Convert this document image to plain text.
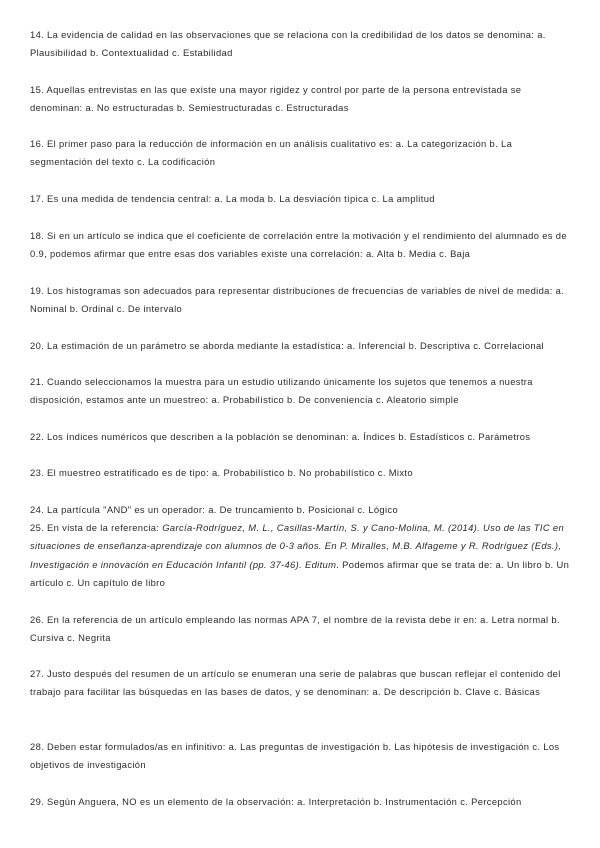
14. La evidencia de calidad en las observaciones que se relaciona con la credibilidad de los datos se denomina: a. Plausibilidad b. Contextualidad c. Estabilidad

15. Aquellas entrevistas en las que existe una mayor rigidez y control por parte de la persona entrevistada se denominan: a. No estructuradas b. Semiestructuradas c. Estructuradas

16. El primer paso para la reducción de información en un análisis cualitativo es: a. La categorización b. La segmentación del texto c. La codificación

17. Es una medida de tendencia central: a. La moda b. La desviación típica c. La amplitud

18. Si en un artículo se indica que el coeficiente de correlación entre la motivación y el rendimiento del alumnado es de 0.9, podemos afirmar que entre esas dos variables existe una correlación: a. Alta b. Media c. Baja

19. Los histogramas son adecuados para representar distribuciones de frecuencias de variables de nivel de medida: a. Nominal b. Ordinal c. De intervalo

20. La estimación de un parámetro se aborda mediante la estadística: a. Inferencial b. Descriptiva c. Correlacional

21. Cuando seleccionamos la muestra para un estudio utilizando únicamente los sujetos que tenemos a nuestra disposición, estamos ante un muestreo: a. Probabilístico b. De conveniencia c. Aleatorio simple

22. Los índices numéricos que describen a la población se denominan: a. Índices b. Estadísticos c. Parámetros

23. El muestreo estratificado es de tipo: a. Probabilístico b. No probabilístico c. Mixto

24. La partícula "AND" es un operador: a. De truncamiento b. Posicional c. Lógico

25. En vista de la referencia: García-Rodríguez, M. L., Casillas-Martín, S. y Cano-Molina, M. (2014). Uso de las TIC en situaciones de enseñanza-aprendizaje con alumnos de 0-3 años. En P. Miralles, M.B. Alfageme y R. Rodríguez (Eds.), Investigación e innovación en Educación Infantil (pp. 37-46). Editum. Podemos afirmar que se trata de: a. Un libro b. Un artículo c. Un capítulo de libro

26. En la referencia de un artículo empleando las normas APA 7, el nombre de la revista debe ir en: a. Letra normal b. Cursiva c. Negrita

27. Justo después del resumen de un artículo se enumeran una serie de palabras que buscan reflejar el contenido del trabajo para facilitar las búsquedas en las bases de datos, y se denominan: a. De descripción b. Clave c. Básicas

28. Deben estar formulados/as en infinitivo: a. Las preguntas de investigación b. Las hipótesis de investigación c. Los objetivos de investigación

29. Según Anguera, NO es un elemento de la observación: a. Interpretación b. Instrumentación c. Percepción
